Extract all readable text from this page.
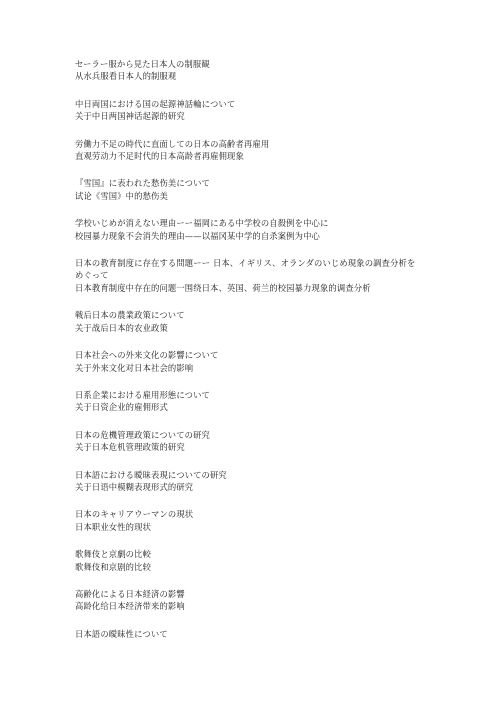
セーラー服から見た日本人の制服観
从水兵服看日本人的制服观
中日両国における国の起源神話輪について
关于中日两国神话起源的研究
労働力不足の時代に直面しての日本の高齢者再雇用
直观劳动力不足时代的日本高龄者再雇佣现象
『雪国』に表われた愁伤美について
试论《雪国》中的愁伤美
学校いじめが消えない理由ーー福岡にある中学校の自殺例を中心に
校园暴力现象不会消失的理由——以福冈某中学的自杀案例为中心
日本の教育制度に存在する問題ーー 日本、イギリス、オランダのいじめ現象の調査分析をめぐって
日本教育制度中存在的问题一围绕日本、英国、荷兰的校园暴力现象的调查分析
戦后日本の農業政策について
关于战后日本的农业政策
日本社会への外来文化の影響について
关于外来文化对日本社会的影响
日系企業における雇用形態について
关于日资企业的雇佣形式
日本の危機管理政策についての研究
关于日本危机管理政策的研究
日本語における曖昧表現についての研究
关于日语中模糊表现形式的研究
日本のキャリアウーマンの現状
日本职业女性的现状
歌舞伎と京劇の比較
歌舞伎和京剧的比较
高齢化による日本経済の影響
高龄化给日本经济带来的影响
日本語の曖昧性について
